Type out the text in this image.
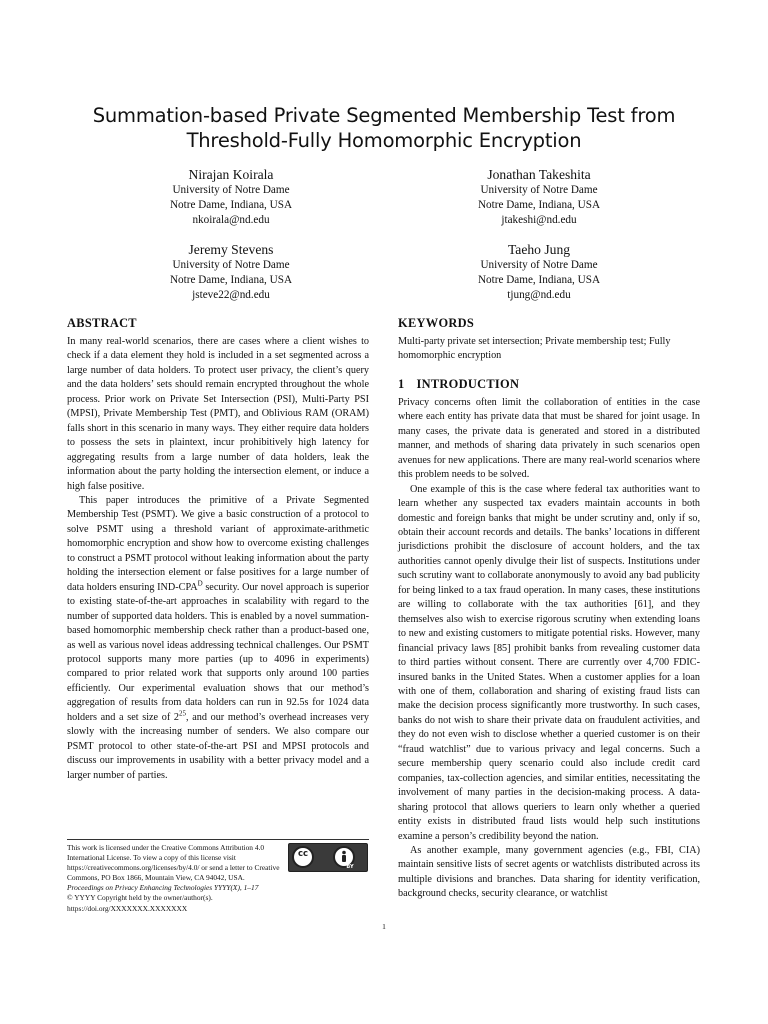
Summation-based Private Segmented Membership Test from
Threshold-Fully Homomorphic Encryption
Nirajan Koirala
University of Notre Dame
Notre Dame, Indiana, USA
nkoirala@nd.edu
Jonathan Takeshita
University of Notre Dame
Notre Dame, Indiana, USA
jtakeshi@nd.edu
Jeremy Stevens
University of Notre Dame
Notre Dame, Indiana, USA
jsteve22@nd.edu
Taeho Jung
University of Notre Dame
Notre Dame, Indiana, USA
tjung@nd.edu
ABSTRACT

In many real-world scenarios, there are cases where a client wishes to check if a data element they hold is included in a set segmented across a large number of data holders. To protect user privacy, the client’s query and the data holders’ sets should remain encrypted throughout the whole process. Prior work on Private Set Intersection (PSI), Multi-Party PSI (MPSI), Private Membership Test (PMT), and Oblivious RAM (ORAM) falls short in this scenario in many ways. They either require data holders to possess the sets in plaintext, incur prohibitively high latency for aggregating results from a large number of data holders, leak the information about the party holding the intersection element, or induce a high false positive.

This paper introduces the primitive of a Private Segmented Membership Test (PSMT). We give a basic construction of a protocol to solve PSMT using a threshold variant of approximate-arithmetic homomorphic encryption and show how to overcome existing challenges to construct a PSMT protocol without leaking information about the party holding the intersection element or false positives for a large number of data holders ensuring IND-$CPA^D$ security. Our novel approach is superior to existing state-of-the-art approaches in scalability with regard to the number of supported data holders. This is enabled by a novel summation-based homomorphic membership check rather than a product-based one, as well as various novel ideas addressing technical challenges. Our PSMT protocol supports many more parties (up to 4096 in experiments) compared to prior related work that supports only around 100 parties efficiently. Our experimental evaluation shows that our method’s aggregation of results from data holders can run in 92.5s for 1024 data holders and a set size of $2^{25}$, and our method’s overhead increases very slowly with the increasing number of senders. We also compare our PSMT protocol to other state-of-the-art PSI and MPSI protocols and discuss our improvements in usability with a better privacy model and a larger number of parties.

KEYWORDS

Multi-party private set intersection; Private membership test; Fully homomorphic encryption

1 INTRODUCTION

Privacy concerns often limit the collaboration of entities in the case where each entity has private data that must be shared for joint usage. In many cases, the private data is generated and stored in a distributed manner, and methods of sharing data privately in such scenarios open avenues for new applications. There are many real-world scenarios where this problem needs to be solved.

One example of this is the case where federal tax authorities want to learn whether any suspected tax evaders maintain accounts in both domestic and foreign banks that might be under scrutiny and, only if so, obtain their account records and details. The banks’ locations in different jurisdictions prohibit the disclosure of account holders, and the tax authorities cannot openly divulge their list of suspects. Institutions under such scrutiny want to collaborate anonymously to avoid any bad publicity for being linked to a tax fraud operation. In many cases, these institutions are willing to collaborate with the tax authorities [61], and they themselves also wish to exercise rigorous scrutiny when extending loans to new and existing customers to mitigate potential risks. However, many financial privacy laws [85] prohibit banks from revealing customer data to third parties without consent. There are currently over 4,700 FDIC-insured banks in the United States. When a customer applies for a loan with one of them, collaboration and sharing of existing fraud lists can make the decision process significantly more trustworthy. In such cases, banks do not wish to share their private data on fraudulent activities, and they do not even wish to disclose whether a queried customer is on their “fraud watchlist” due to various privacy and legal concerns. Such a secure membership query scenario could also include credit card companies, tax-collection agencies, and similar entities, necessitating the involvement of many parties in the decision-making process. A data-sharing protocol that allows queriers to learn only whether a queried entity exists in distributed fraud lists would help such institutions examine a person’s credibility beyond the nation.

As another example, many government agencies (e.g., FBI, CIA) maintain sensitive lists of secret agents or watchlists distributed across its multiple divisions and branches. Data sharing for identity verification, background checks, security clearance, or watchlist

This work is licensed under the Creative Commons Attribution 4.0 International License. To view a copy of this license visit https://creativecommons.org/licenses/by/4.0/ or send a letter to Creative Commons, PO Box 1866, Mountain View, CA 94042, USA.
Proceedings on Privacy Enhancing Technologies YYYY(X), 1–17
© YYYY Copyright held by the owner/author(s).
https://doi.org/XXXXXXX.XXXXXXX
cc
BY
1
